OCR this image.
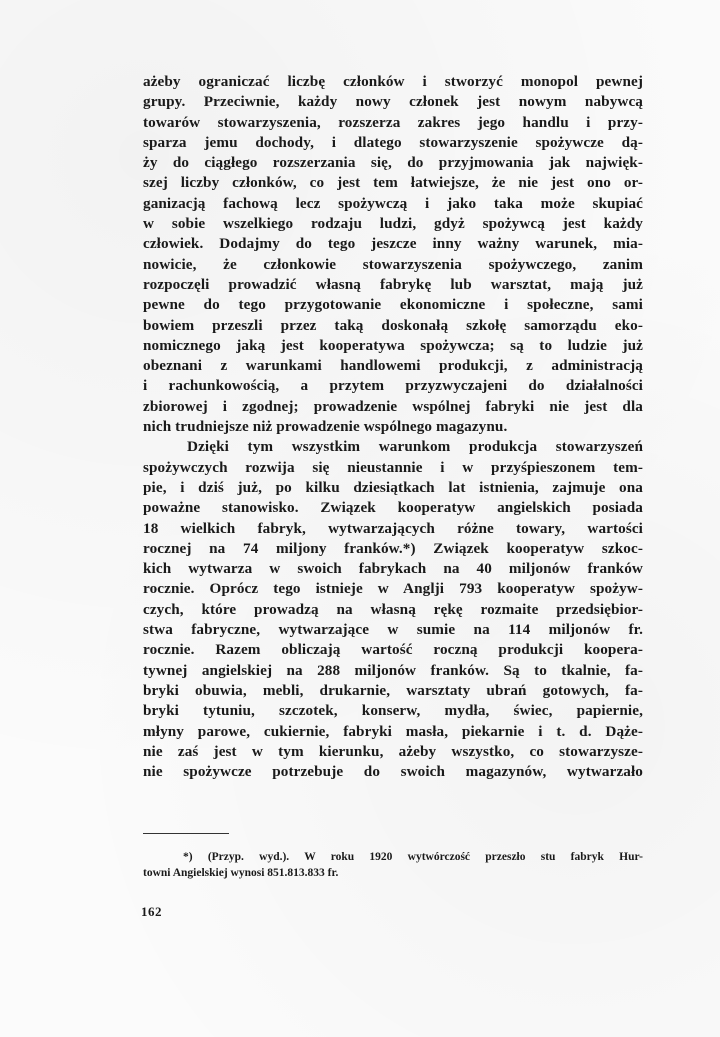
ażeby ograniczać liczbę członków i stworzyć monopol pewnej
grupy. Przeciwnie, każdy nowy członek jest nowym nabywcą
towarów stowarzyszenia, rozszerza zakres jego handlu i przy-
sparza jemu dochody, i dlatego stowarzyszenie spożywcze dą-
ży do ciągłego rozszerzania się, do przyjmowania jak najwięk-
szej liczby członków, co jest tem łatwiejsze, że nie jest ono or-
ganizacją fachową lecz spożywczą i jako taka może skupiać
w sobie wszelkiego rodzaju ludzi, gdyż spożywcą jest każdy
człowiek. Dodajmy do tego jeszcze inny ważny warunek, mia-
nowicie, że członkowie stowarzyszenia spożywczego, zanim
rozpoczęli prowadzić własną fabrykę lub warsztat, mają już
pewne do tego przygotowanie ekonomiczne i społeczne, sami
bowiem przeszli przez taką doskonałą szkołę samorządu eko-
nomicznego jaką jest kooperatywa spożywcza; są to ludzie już
obeznani z warunkami handlowemi produkcji, z administracją
i rachunkowością, a przytem przyzwyczajeni do działalności
zbiorowej i zgodnej; prowadzenie wspólnej fabryki nie jest dla
nich trudniejsze niż prowadzenie wspólnego magazynu.
Dzięki tym wszystkim warunkom produkcja stowarzyszeń
spożywczych rozwija się nieustannie i w przyśpieszonem tem-
pie, i dziś już, po kilku dziesiątkach lat istnienia, zajmuje ona
poważne stanowisko. Związek kooperatyw angielskich posiada
18 wielkich fabryk, wytwarzających różne towary, wartości
rocznej na 74 miljony franków.*) Związek kooperatyw szkoc-
kich wytwarza w swoich fabrykach na 40 miljonów franków
rocznie. Oprócz tego istnieje w Anglji 793 kooperatyw spożyw-
czych, które prowadzą na własną rękę rozmaite przedsiębior-
stwa fabryczne, wytwarzające w sumie na 114 miljonów fr.
rocznie. Razem obliczają wartość roczną produkcji koopera-
tywnej angielskiej na 288 miljonów franków. Są to tkalnie, fa-
bryki obuwia, mebli, drukarnie, warsztaty ubrań gotowych, fa-
bryki tytuniu, szczotek, konserw, mydła, świec, papiernie,
młyny parowe, cukiernie, fabryki masła, piekarnie i t. d. Dąże-
nie zaś jest w tym kierunku, ażeby wszystko, co stowarzysze-
nie spożywcze potrzebuje do swoich magazynów, wytwarzało
*) (Przyp. wyd.). W roku 1920 wytwórczość przeszło stu fabryk Hur-
towni Angielskiej wynosi 851.813.833 fr.
162
